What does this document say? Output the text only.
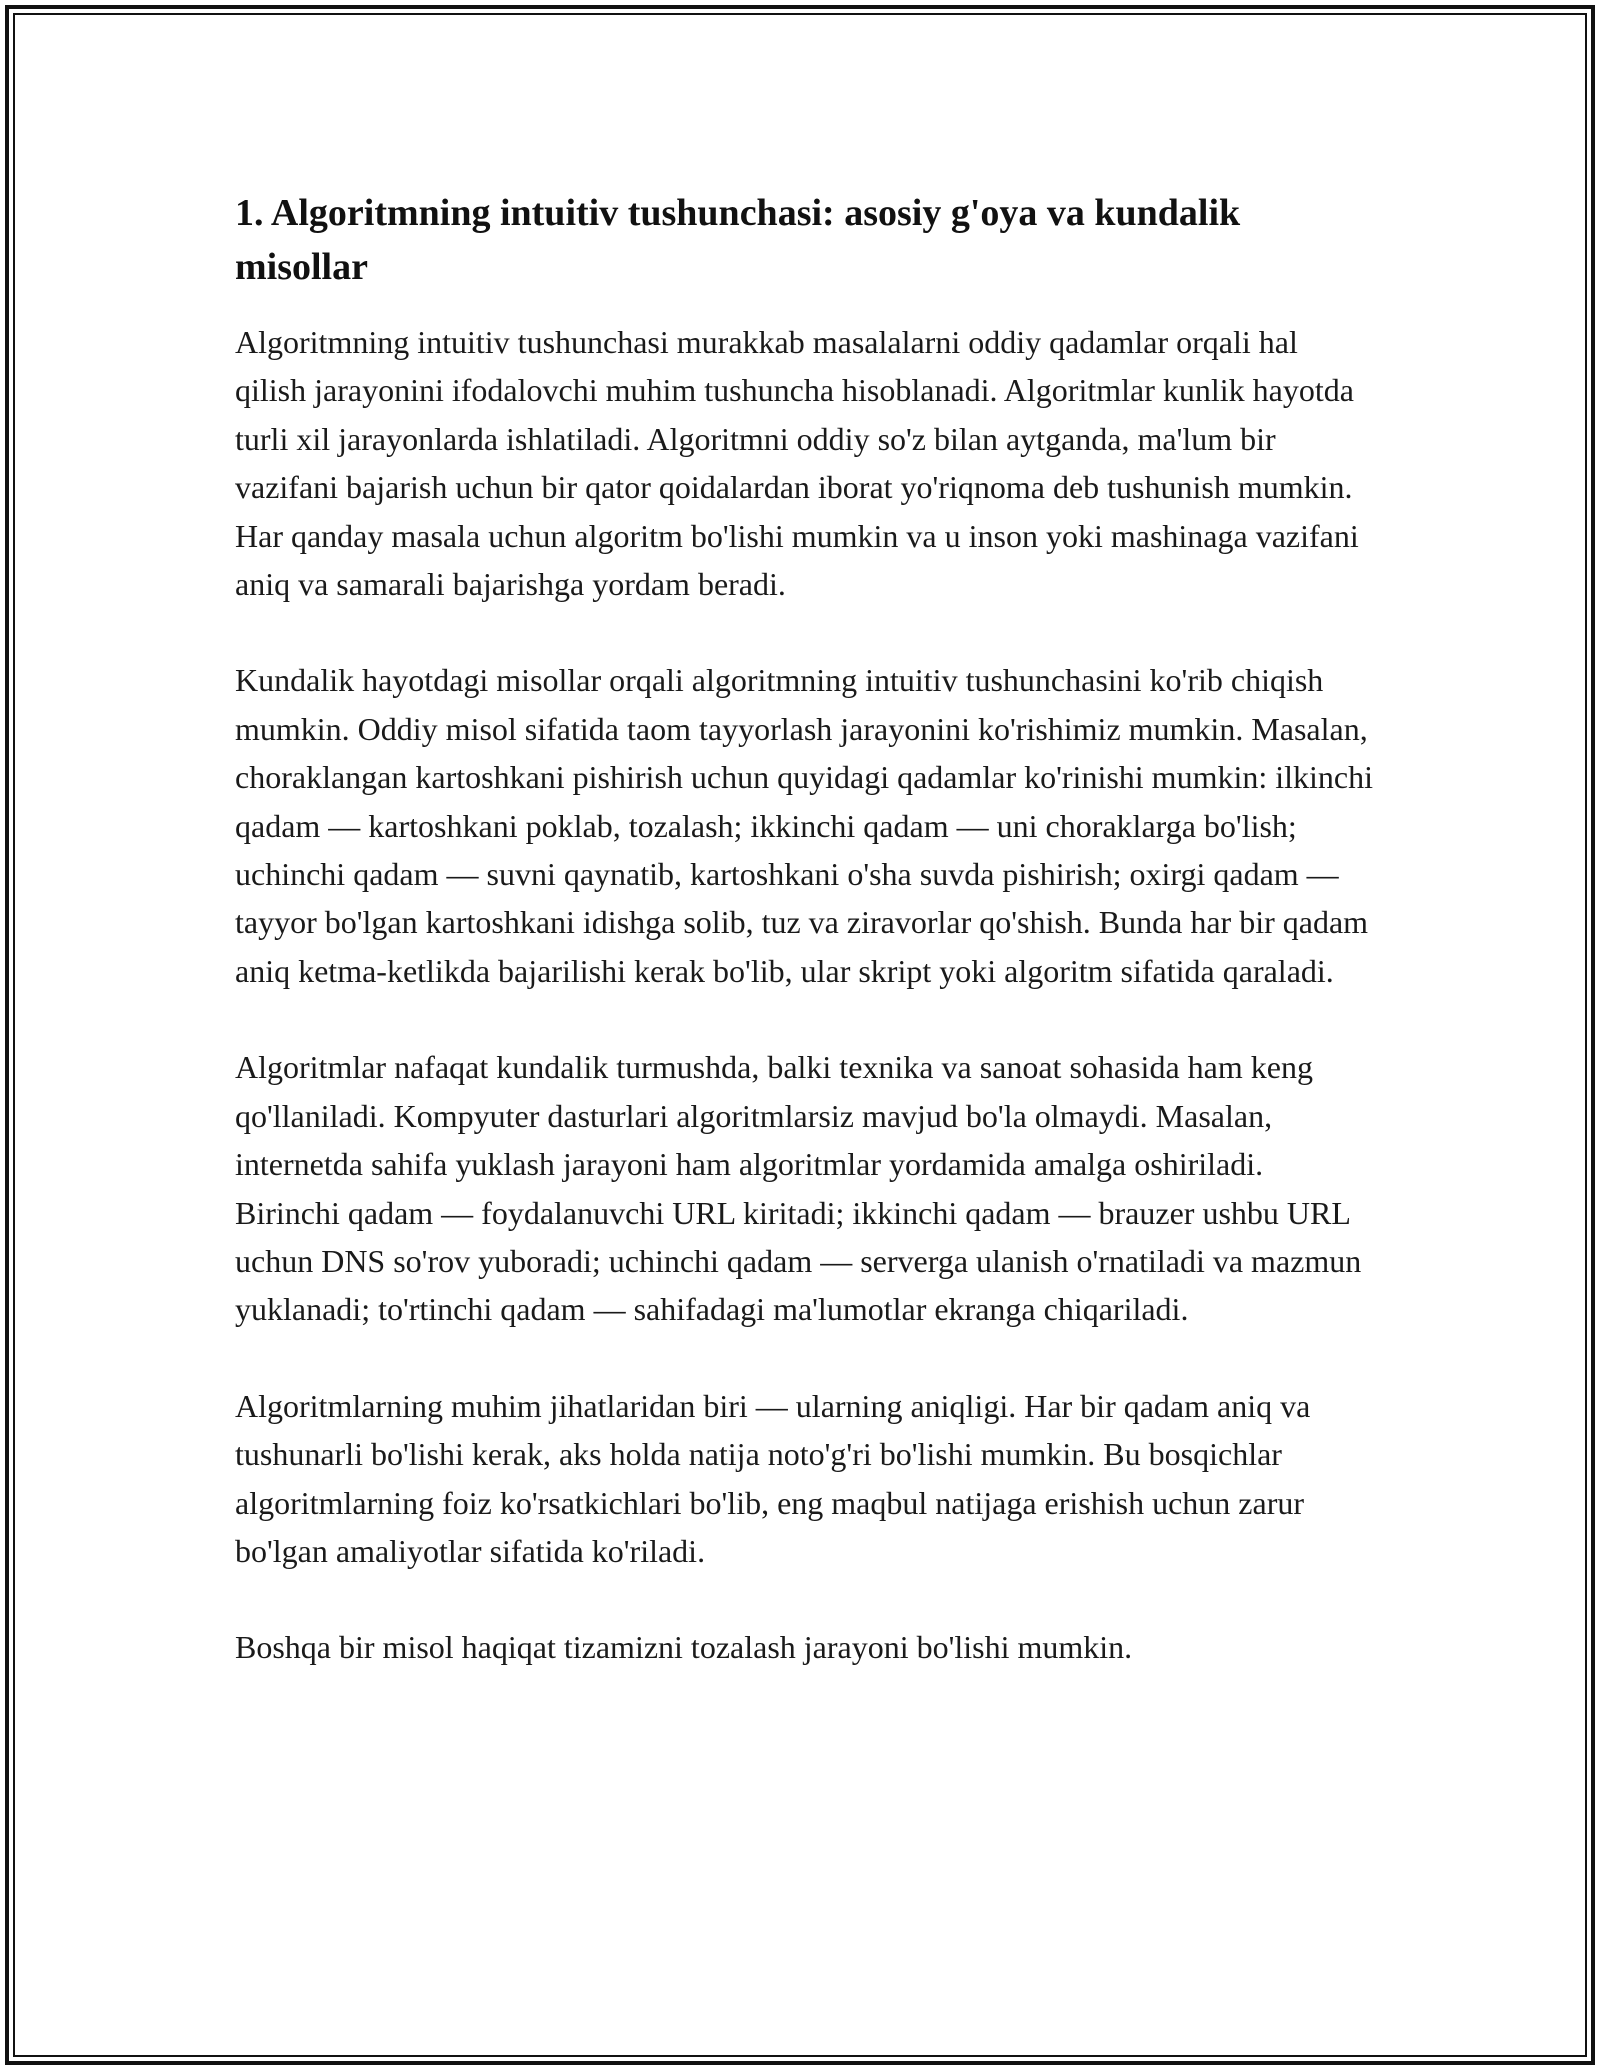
1. Algoritmning intuitiv tushunchasi: asosiy g'oya va kundalik misollar

Algoritmning intuitiv tushunchasi murakkab masalalarni oddiy qadamlar orqali hal qilish jarayonini ifodalovchi muhim tushuncha hisoblanadi. Algoritmlar kunlik hayotda turli xil jarayonlarda ishlatiladi. Algoritmni oddiy so'z bilan aytganda, ma'lum bir vazifani bajarish uchun bir qator qoidalardan iborat yo'riqnoma deb tushunish mumkin. Har qanday masala uchun algoritm bo'lishi mumkin va u inson yoki mashinaga vazifani aniq va samarali bajarishga yordam beradi.

Kundalik hayotdagi misollar orqali algoritmning intuitiv tushunchasini ko'rib chiqish mumkin. Oddiy misol sifatida taom tayyorlash jarayonini ko'rishimiz mumkin. Masalan, choraklangan kartoshkani pishirish uchun quyidagi qadamlar ko'rinishi mumkin: ilkinchi qadam — kartoshkani poklab, tozalash; ikkinchi qadam — uni choraklarga bo'lish; uchinchi qadam — suvni qaynatib, kartoshkani o'sha suvda pishirish; oxirgi qadam — tayyor bo'lgan kartoshkani idishga solib, tuz va ziravorlar qo'shish. Bunda har bir qadam aniq ketma-ketlikda bajarilishi kerak bo'lib, ular skript yoki algoritm sifatida qaraladi.

Algoritmlar nafaqat kundalik turmushda, balki texnika va sanoat sohasida ham keng qo'llaniladi. Kompyuter dasturlari algoritmlarsiz mavjud bo'la olmaydi. Masalan, internetda sahifa yuklash jarayoni ham algoritmlar yordamida amalga oshiriladi. Birinchi qadam — foydalanuvchi URL kiritadi; ikkinchi qadam — brauzer ushbu URL uchun DNS so'rov yuboradi; uchinchi qadam — serverga ulanish o'rnatiladi va mazmun yuklanadi; to'rtinchi qadam — sahifadagi ma'lumotlar ekranga chiqariladi.

Algoritmlarning muhim jihatlaridan biri — ularning aniqligi. Har bir qadam aniq va tushunarli bo'lishi kerak, aks holda natija noto'g'ri bo'lishi mumkin. Bu bosqichlar algoritmlarning foiz ko'rsatkichlari bo'lib, eng maqbul natijaga erishish uchun zarur bo'lgan amaliyotlar sifatida ko'riladi.

Boshqa bir misol haqiqat tizamizni tozalash jarayoni bo'lishi mumkin.
